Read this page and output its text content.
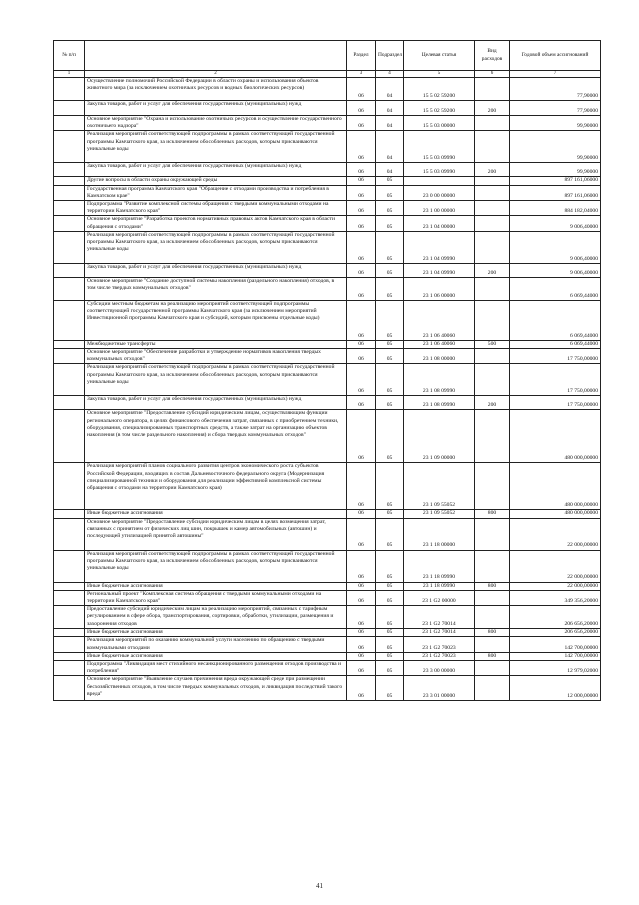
№ п/п		Раздел	Подраздел	Целевая статья	Вид расходов	Годовой объем ассигнований
1	2	3	4	5	6	7
	Осуществление полномочий Российской Федерации в области охраны и использования объектов животного мира (за исключением охотничьих ресурсов и водных биологических ресурсов)	06	04	15 5 02 59200		77,90000
	Закупка товаров, работ и услуг для обеспечения государственных (муниципальных) нужд	06	04	15 5 02 59200	200	77,90000
	Основное мероприятие "Охрана и использование охотничьих ресурсов и осуществление государственного охотничьего надзора"	06	04	15 5 03 00000		99,90000
	Реализация мероприятий соответствующей подпрограммы в рамках соответствующей государственной программы Камчатского края, за исключением обособленных расходов, которым присваиваются уникальные коды	06	04	15 5 03 09990		99,90000
	Закупка товаров, работ и услуг для обеспечения государственных (муниципальных) нужд	06	04	15 5 03 09990	200	99,90000
	Другие вопросы в области охраны окружающей среды	06	05			897 161,06000
	Государственная программа Камчатского края "Обращение с отходами производства и потребления в Камчатском крае"	06	05	23 0 00 00000		897 161,06000
	Подпрограмма "Развитие комплексной системы обращения с твердыми коммунальными отходами на территории Камчатского края"	06	05	23 1 00 00000		884 182,04000
	Основное мероприятие "Разработка проектов нормативных правовых актов Камчатского края в области обращения с отходами"	06	05	23 1 04 00000		9 006,40000
	Реализация мероприятий соответствующей подпрограммы в рамках соответствующей государственной программы Камчатского края, за исключением обособленных расходов, которым присваиваются уникальные коды	06	05	23 1 04 09990		9 006,40000
	Закупка товаров, работ и услуг для обеспечения государственных (муниципальных) нужд	06	05	23 1 04 09990	200	9 006,40000
	Основное мероприятие "Создание доступной системы накопления (раздельного накопления) отходов, в том числе твердых коммунальных отходов"	06	05	23 1 06 00000		6 069,44000
	Субсидии местным бюджетам на реализацию мероприятий соответствующей подпрограммы соответствующей государственной программы Камчатского края (за исключением мероприятий Инвестиционной программы Камчатского края и субсидий, которым присвоены отдельные коды)	06	05	23 1 06 40060		6 069,44000
	Межбюджетные трансферты	06	05	23 1 06 40060	500	6 069,44000
	Основное мероприятие "Обеспечение разработки и утверждение нормативов накопления твердых коммунальных отходов"	06	05	23 1 08 00000		17 750,00000
	Реализация мероприятий соответствующей подпрограммы в рамках соответствующей государственной программы Камчатского края, за исключением обособленных расходов, которым присваиваются уникальные коды	06	05	23 1 08 09990		17 750,00000
	Закупка товаров, работ и услуг для обеспечения государственных (муниципальных) нужд	06	05	23 1 08 09990	200	17 750,00000
	Основное мероприятие "Предоставление субсидий юридическим лицам, осуществляющим функции регионального оператора, в целях финансового обеспечения затрат, связанных с приобретением техники, оборудования, специализированных транспортных средств, а также затрат на организацию объектов накопления (в том числе раздельного накопления) и сбора твердых коммунальных отходов"	06	05	23 1 09 00000		480 000,00000
	Реализация мероприятий планов социального развития центров экономического роста субъектов Российской Федерации, входящих в состав Дальневосточного федерального округа (Модернизация специализированной техники и оборудования для реализации эффективной комплексной системы обращения с отходами на территории Камчатского края)	06	05	23 1 09 55052		480 000,00000
	Иные бюджетные ассигнования	06	05	23 1 09 55052	800	480 000,00000
	Основное мероприятие "Предоставление субсидии юридическим лицам в целях возмещения затрат, связанных с принятием от физических лиц шин, покрышек и камер автомобильных (автошин) и последующей утилизацией принятой автошины"	06	05	23 1 18 00000		22 000,00000
	Реализация мероприятий соответствующей подпрограммы в рамках соответствующей государственной программы Камчатского края, за исключением обособленных расходов, которым присваиваются уникальные коды	06	05	23 1 18 09990		22 000,00000
	Иные бюджетные ассигнования	06	05	23 1 18 09990	800	22 000,00000
	Региональный проект "Комплексная система обращения с твердыми коммунальными отходами на территории Камчатского края"	06	05	23 1 G2 00000		349 356,20000
	Предоставление субсидий юридическим лицам на реализацию мероприятий, связанных с тарифным регулированием в сфере обора, транспортирования, сортировки, обработки, утилизации, размещения и захоронения отходов	06	05	23 1 G2 70014		206 656,20000
	Иные бюджетные ассигнования	06	05	23 1 G2 70014	800	206 656,20000
	Реализация мероприятий по оказанию коммунальной услуги населению по обращению с твердыми коммунальными отходами	06	05	23 1 G2 70023		142 700,00000
	Иные бюджетные ассигнования	06	05	23 1 G2 70023	800	142 700,00000
	Подпрограмма "Ликвидация мест стихийного несанкционированного размещения отходов производства и потребления"	06	05	23 3 00 00000		12 979,02000
	Основное мероприятие "Выявление случаев причинения вреда окружающей среде при размещении бесхозяйственных отходов, в том числе твердых коммунальных отходов, и ликвидация последствий такого вреда"	06	05	23 3 01 00000		12 000,00000
41
